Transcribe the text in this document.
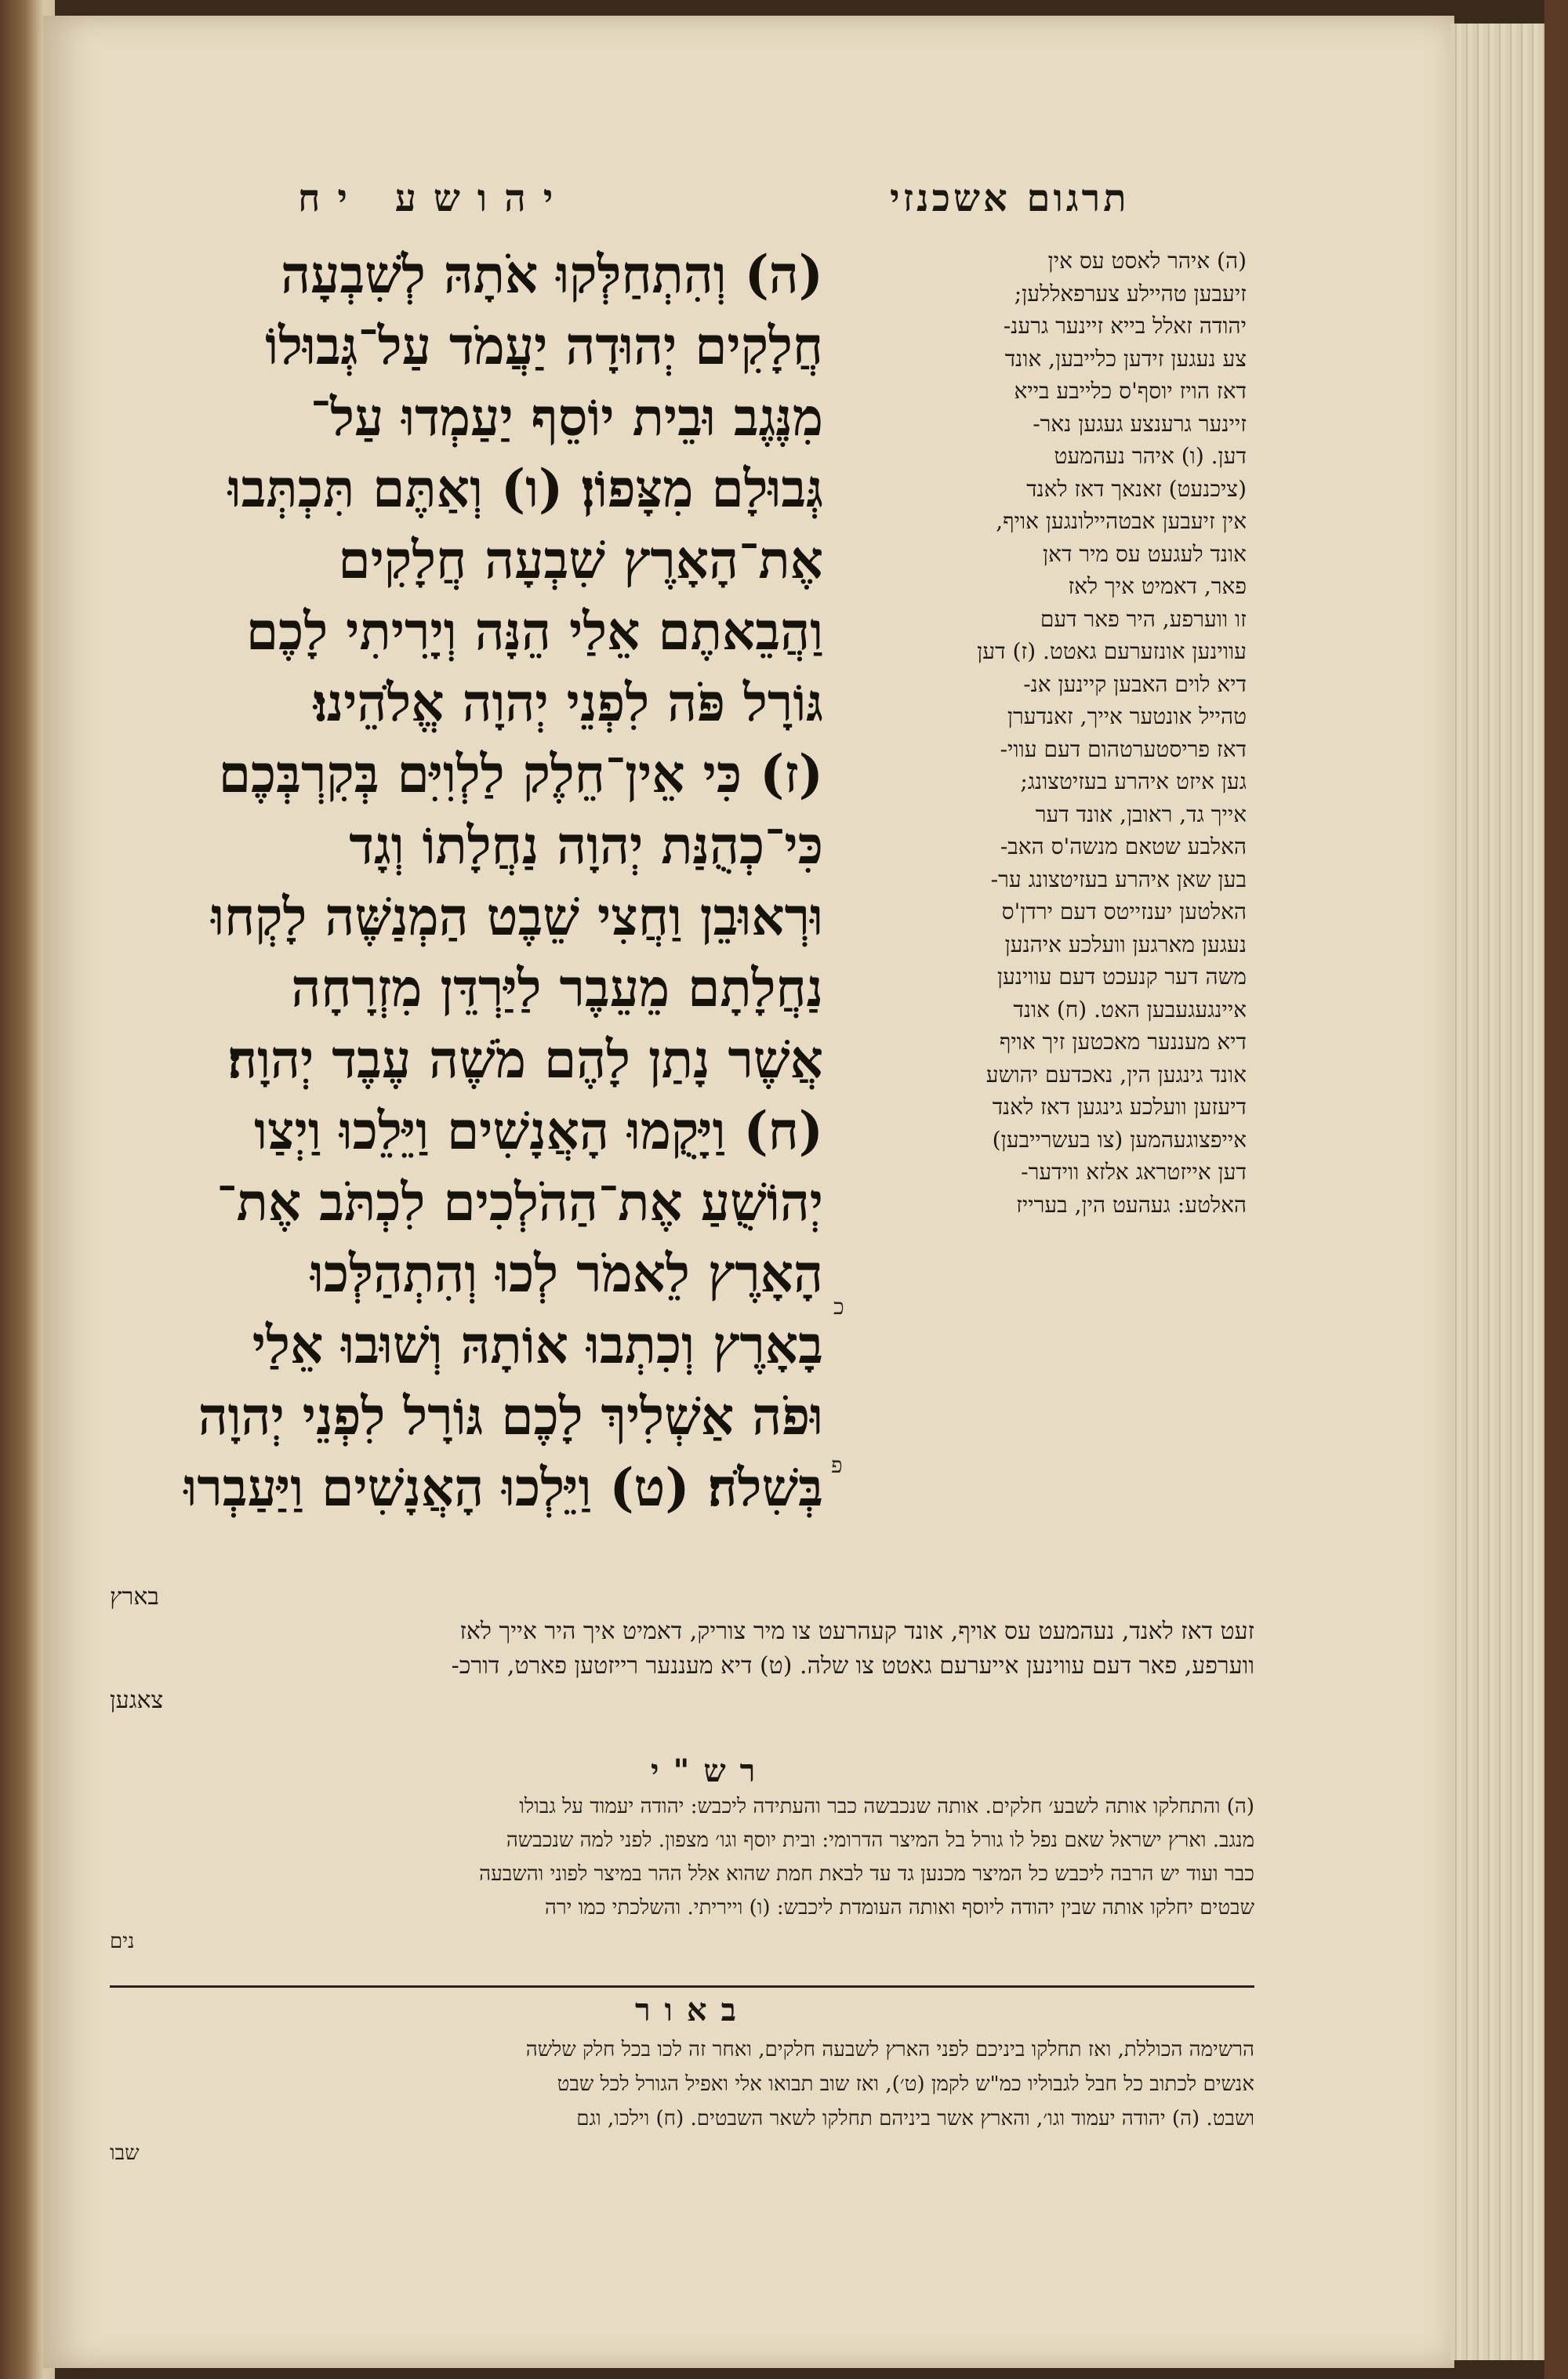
יהושע יח	תרגום אשכנזי
(ה) וְהִתְחַלְּקוּ אֹתָהּ לְשִׁבְעָה
חֲלָקִים יְהוּדָה יַעֲמֹד עַל־גְּבוּלוֹ
מִנֶּגֶב וּבֵית יוֹסֵף יַעַמְדוּ עַל־
גְּבוּלָם מִצָּפוֹן׃ (ו) וְאַתֶּם תִּכְתְּבוּ
אֶת־הָאָרֶץ שִׁבְעָה חֲלָקִים
וַהֲבֵאתֶם אֵלַי הֵנָּה וְיָרִיתִי לָכֶם
גּוֹרָל פֹּה לִפְנֵי יְהוָה אֱלֹהֵינוּ׃
(ז) כִּי אֵין־חֵלֶק לַלְוִיִּם בְּקִרְבְּכֶם
כִּי־כְהֻנַּת יְהוָה נַחֲלָתוֹ וְגָד
וּרְאוּבֵן וַחֲצִי שֵׁבֶט הַמְנַשֶּׁה לָקְחוּ
נַחֲלָתָם מֵעֵבֶר לַיַּרְדֵּן מִזְרָחָה
אֲשֶׁר נָתַן לָהֶם מֹשֶׁה עֶבֶד יְהוָה׃
(ח) וַיָּקֻמוּ הָאֲנָשִׁים וַיֵּלֵכוּ וַיְצַו
יְהוֹשֻׁעַ אֶת־הַהֹלְכִים לִכְתֹּב אֶת־
הָאָרֶץ לֵאמֹר לְכוּ וְהִתְהַלְּכוּ
בָאָרֶץ וְכִתְבוּ אוֹתָהּ וְשׁוּבוּ אֵלַי
וּפֹה אַשְׁלִיךְ לָכֶם גּוֹרָל לִפְנֵי יְהוָה
בְּשִׁלֹה׃ (ט) וַיֵּלְכוּ הָאֲנָשִׁים וַיַּעַבְרוּ
כ
פ
(ה) איהר לאסט עס אין
זיעבען טהיילע צערפאללען;
יהודה זאלל בייא זיינער גרענ-
צע נעגען זידען כלייבען, אונד
דאז הויז יוסף'ס כלייבע בייא
זיינער גרענצע געגען נאר-
דען. (ו) איהר נעהמעט
(ציכנעט) זאנאך דאז לאנד
אין זיעבען אבטהיילונגען אויף,
אונד לעגעט עס מיר דאן
פאר, דאמיט איך לאז
זו ווערפע, היר פאר דעם
עווינען אונזערעם גאטט. (ז) דען
דיא לוים האבען קיינען אנ-
טהייל אונטער אייך, זאנדערן
דאז פריסטערטהום דעם עווי-
גען איזט איהרע בעזיטצונג;
אייך גד, ראובן, אונד דער
האלבע שטאם מנשה'ס האב-
בען שאן איהרע בעזיטצונג ער-
האלטען יענזייטס דעם ירדן'ס
נעגען מארגען וועלכע איהנען
משה דער קנעכט דעם עווינען
איינגעגעבען האט. (ח) אונד
דיא מעננער מאכטען זיך אויף
אונד גינגען הין, נאכדעם יהושע
דיעזען וועלכע גינגען דאז לאנד
אייפצוגעהמען (צו בעשרייבען)
דען אייזטראג אלזא ווידער-
האלטע: געהעט הין, בערייז
בארץ
זעט דאז לאנד, נעהמעט עס אויף, אונד קעהרעט צו מיר צוריק, דאמיט איך היר אייך לאז
ווערפע, פאר דעם עווינען אייערעם גאטט צו שלה. (ט) דיא מעננער רייזטען פארט, דורכ-
צאגען
רש"י
(ה) והתחלקו אותה לשבע׳ חלקים. אותה שנכבשה כבר והעתידה ליכבש: יהודה יעמוד על גבולו
מנגב. וארץ ישראל שאם נפל לו גורל בל המיצר הדרומי: ובית יוסף וגו׳ מצפון. לפני למה שנכבשה
כבר ועוד יש הרבה ליכבש כל המיצר מכנען גד עד לבאת חמת שהוא אלל ההר במיצר לפוני והשבעה
שבטים יחלקו אותה שבין יהודה ליוסף ואותה העומדת ליכבש: (ו) וייריתי. והשלכתי כמו ירה
נים
באור
הרשימה הכוללת, ואז תחלקו ביניכם לפני הארץ לשבעה חלקים, ואחר זה לכו בכל חלק שלשה
אנשים לכתוב כל חבל לגבוליו כמ"ש לקמן (ט׳), ואז שוב תבואו אלי ואפיל הגורל לכל שבט
ושבט. (ה) יהודה יעמוד וגו׳, והארץ אשר ביניהם תחלקו לשאר השבטים. (ח) וילכו, וגם
שבו
